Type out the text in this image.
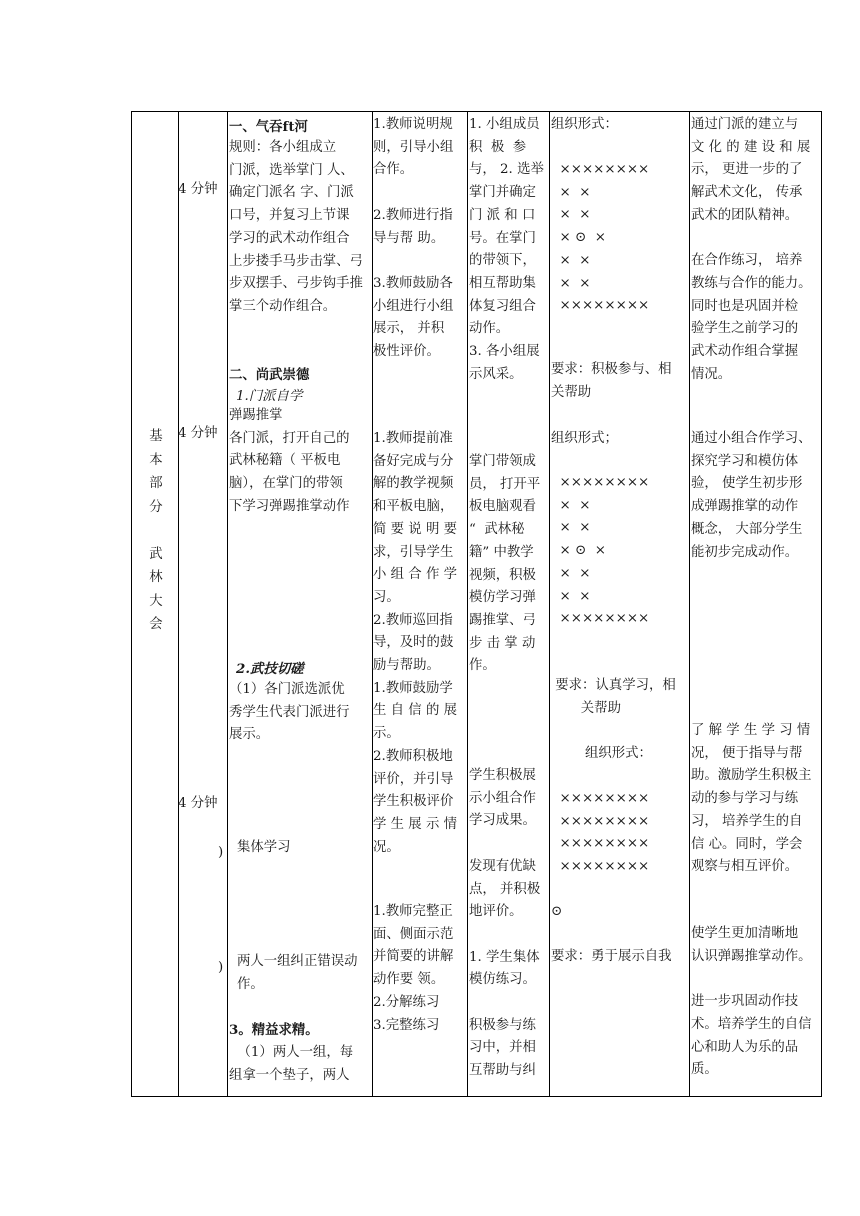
基
本
部
分

武
林
大
会
4 分钟
4 分钟
4 分钟
)
)
一、气吞ft河
规则：各小组成立
门派，选举掌门 人、
确定门派名 字、门派
口号，并复习上节课
学习的武术动作组合
上步搂手马步击掌、弓
步双摆手、弓步钩手推
掌三个动作组合。
二、尚武崇德
1.门派自学
弹踢推掌
各门派，打开自己的
武林秘籍（ 平板电
脑），在掌门的带领
下学习弹踢推掌动作
2.武技切磋
（1）各门派选派优
秀学生代表门派进行
展示。
集体学习
两人一组纠正错误动
作。
3。精益求精。
（1）两人一组，每
组拿一个垫子，两人
1.教师说明规
则，引导小组
合作。

2.教师进行指
导与帮 助。

3.教师鼓励各
小组进行小组
展示， 并积
极性评价。
1.教师提前准
备好完成与分
解的教学视频
和平板电脑，
简 要 说 明 要
求，引导学生
小 组 合 作 学
习。
2.教师巡回指
导，及时的鼓
励与帮助。
1.教师鼓励学
生 自 信 的 展
示。
2.教师积极地
评价，并引导
学生积极评价
学 生 展 示 情
况。
1.教师完整正
面、侧面示范
并简要的讲解
动作要 领。
2.分解练习
3.完整练习
1. 小组成员
积  极  参
与， 2. 选举
掌门并确定
门 派 和 口
号。在掌门
的带领下，
相互帮助集
体复习组合
动作。
3. 各小组展
示风采。
掌门带领成
员， 打开平
板电脑观看
“  武林秘
籍” 中教学
视频，积极
模仿学习弹
踢推掌、弓
步 击 掌 动
作。
学生积极展
示小组合作
学习成果。

发现有优缺
点， 并积极
地评价。

1. 学生集体
模仿练习。

积极参与练
习中，并相
互帮助与纠
组织形式：
××××××××
×  ×
×  ×
× ⊙  ×
×  ×
×  ×
××××××××
要求：积极参与、相
关帮助
组织形式；
××××××××
×  ×
×  ×
× ⊙  ×
×  ×
×  ×
××××××××
要求：认真学习，相
关帮助
组织形式：
××××××××
××××××××
××××××××
××××××××
⊙
要求：勇于展示自我
通过门派的建立与
文 化 的 建 设 和 展
示， 更进一步的了
解武术文化， 传承
武术的团队精神。

在合作练习， 培养
教练与合作的能力。
同时也是巩固并检
验学生之前学习的
武术动作组合掌握
情况。
通过小组合作学习、
探究学习和模仿体
验， 使学生初步形
成弹踢推掌的动作
概念， 大部分学生
能初步完成动作。
了 解 学 生 学 习 情
况， 便于指导与帮
助。激励学生积极主
动的参与学习与练
习， 培养学生的自
信 心。同时，学会
观察与相互评价。
使学生更加清晰地
认识弹踢推掌动作。

进一步巩固动作技
术。培养学生的自信
心和助人为乐的品
质。
